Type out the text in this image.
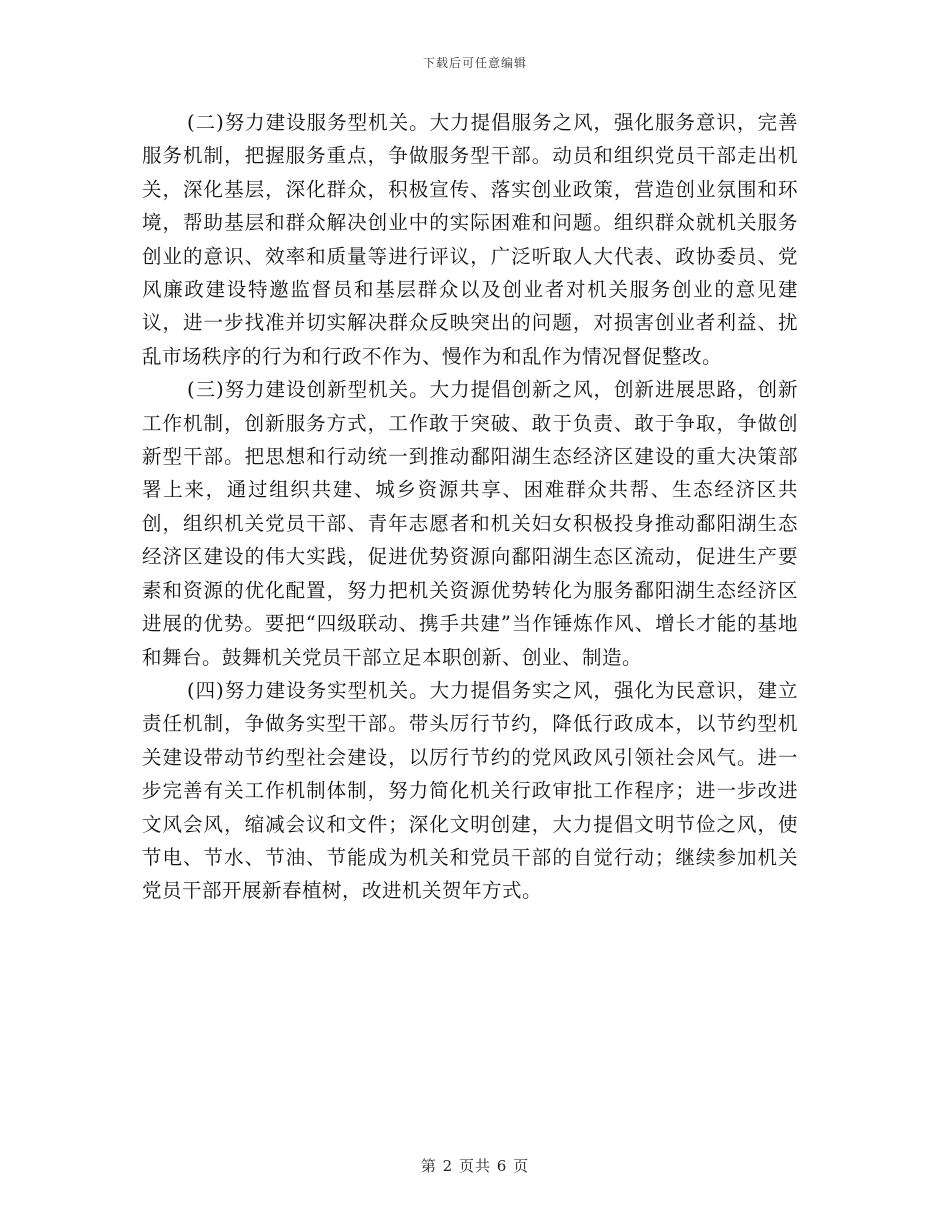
下载后可任意编辑

(二)努力建设服务型机关。大力提倡服务之风，强化服务意识，完善服务机制，把握服务重点，争做服务型干部。动员和组织党员干部走出机关，深化基层，深化群众，积极宣传、落实创业政策，营造创业氛围和环境，帮助基层和群众解决创业中的实际困难和问题。组织群众就机关服务创业的意识、效率和质量等进行评议，广泛听取人大代表、政协委员、党风廉政建设特邀监督员和基层群众以及创业者对机关服务创业的意见建议，进一步找准并切实解决群众反映突出的问题，对损害创业者利益、扰乱市场秩序的行为和行政不作为、慢作为和乱作为情况督促整改。

(三)努力建设创新型机关。大力提倡创新之风，创新进展思路，创新工作机制，创新服务方式，工作敢于突破、敢于负责、敢于争取，争做创新型干部。把思想和行动统一到推动鄱阳湖生态经济区建设的重大决策部署上来，通过组织共建、城乡资源共享、困难群众共帮、生态经济区共创，组织机关党员干部、青年志愿者和机关妇女积极投身推动鄱阳湖生态经济区建设的伟大实践，促进优势资源向鄱阳湖生态区流动，促进生产要素和资源的优化配置，努力把机关资源优势转化为服务鄱阳湖生态经济区进展的优势。要把“四级联动、携手共建”当作锤炼作风、增长才能的基地和舞台。鼓舞机关党员干部立足本职创新、创业、制造。

(四)努力建设务实型机关。大力提倡务实之风，强化为民意识，建立责任机制，争做务实型干部。带头厉行节约，降低行政成本，以节约型机关建设带动节约型社会建设，以厉行节约的党风政风引领社会风气。进一步完善有关工作机制体制，努力简化机关行政审批工作程序；进一步改进文风会风，缩减会议和文件；深化文明创建，大力提倡文明节俭之风，使节电、节水、节油、节能成为机关和党员干部的自觉行动；继续参加机关党员干部开展新春植树，改进机关贺年方式。

第 2 页共 6 页
